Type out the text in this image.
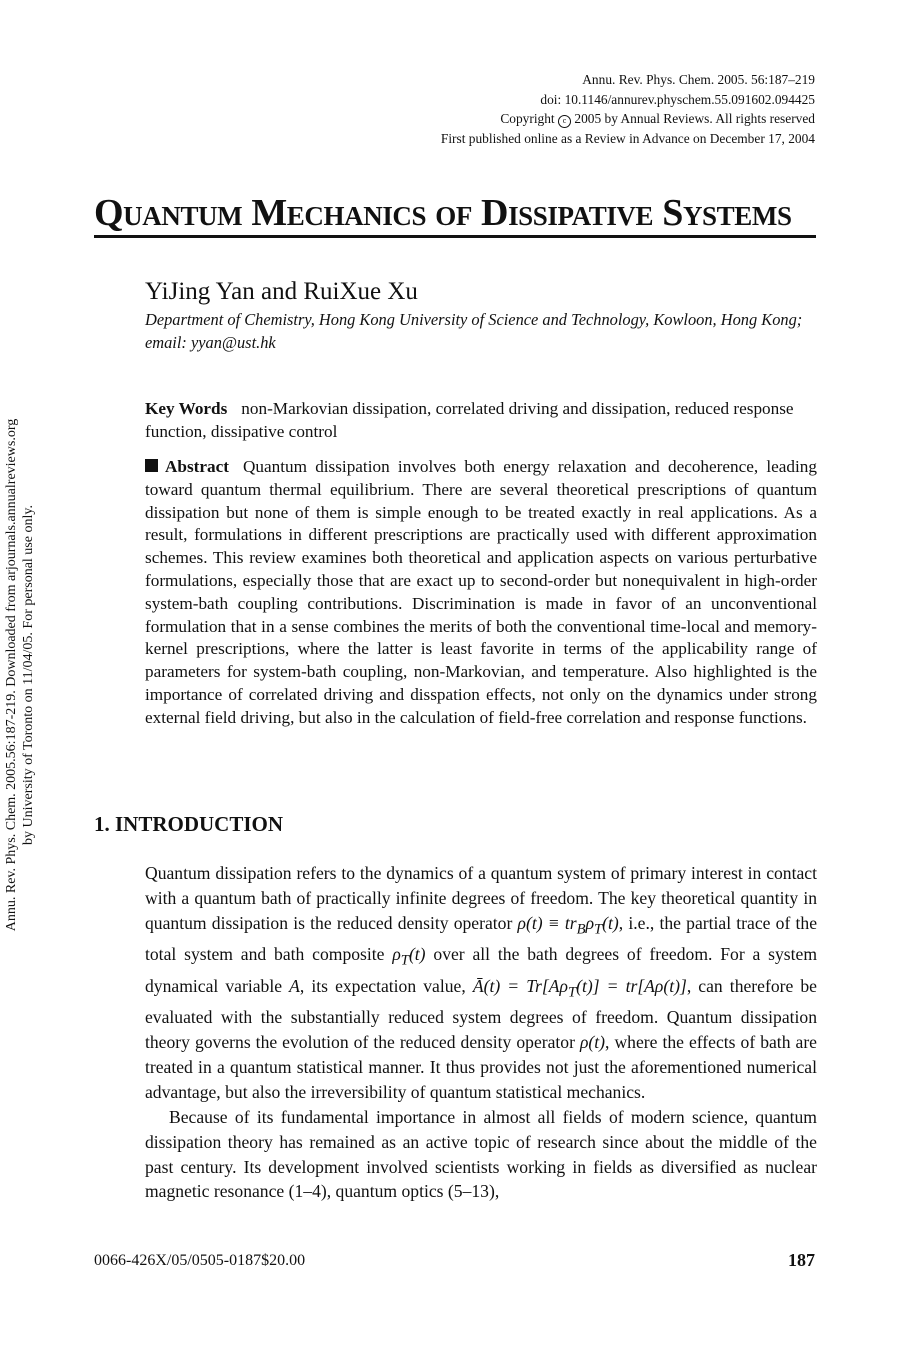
Annu. Rev. Phys. Chem. 2005. 56:187–219
doi: 10.1146/annurev.physchem.55.091602.094425
Copyright c 2005 by Annual Reviews. All rights reserved
First published online as a Review in Advance on December 17, 2004
Quantum Mechanics of Dissipative Systems
YiJing Yan and RuiXue Xu
Department of Chemistry, Hong Kong University of Science and Technology, Kowloon, Hong Kong; email: yyan@ust.hk
Key Words non-Markovian dissipation, correlated driving and dissipation, reduced response function, dissipative control

Abstract Quantum dissipation involves both energy relaxation and decoherence, leading toward quantum thermal equilibrium. There are several theoretical prescriptions of quantum dissipation but none of them is simple enough to be treated exactly in real applications. As a result, formulations in different prescriptions are practically used with different approximation schemes. This review examines both theoretical and application aspects on various perturbative formulations, especially those that are exact up to second-order but nonequivalent in high-order system-bath coupling contributions. Discrimination is made in favor of an unconventional formulation that in a sense combines the merits of both the conventional time-local and memory-kernel prescriptions, where the latter is least favorite in terms of the applicability range of parameters for system-bath coupling, non-Markovian, and temperature. Also highlighted is the importance of correlated driving and disspation effects, not only on the dynamics under strong external field driving, but also in the calculation of field-free correlation and response functions.

1. INTRODUCTION

Quantum dissipation refers to the dynamics of a quantum system of primary interest in contact with a quantum bath of practically infinite degrees of freedom. The key theoretical quantity in quantum dissipation is the reduced density operator $\rho(t) \equiv tr_B\rho_T(t)$, i.e., the partial trace of the total system and bath composite $\rho_T(t)$ over all the bath degrees of freedom. For a system dynamical variable A, its expectation value, Ā(t) = $Tr[A\rho_T(t)] = tr[A\rho(t)]$, can therefore be evaluated with the substantially reduced system degrees of freedom. Quantum dissipation theory governs the evolution of the reduced density operator ρ(t), where the effects of bath are treated in a quantum statistical manner. It thus provides not just the aforementioned numerical advantage, but also the irreversibility of quantum statistical mechanics.

Because of its fundamental importance in almost all fields of modern science, quantum dissipation theory has remained as an active topic of research since about the middle of the past century. Its development involved scientists working in fields as diversified as nuclear magnetic resonance (1–4), quantum optics (5–13),

0066-426X/05/0505-0187$20.00	187
Annu. Rev. Phys. Chem. 2005.56:187-219. Downloaded from arjournals.annualreviews.org by University of Toronto on 11/04/05. For personal use only.
